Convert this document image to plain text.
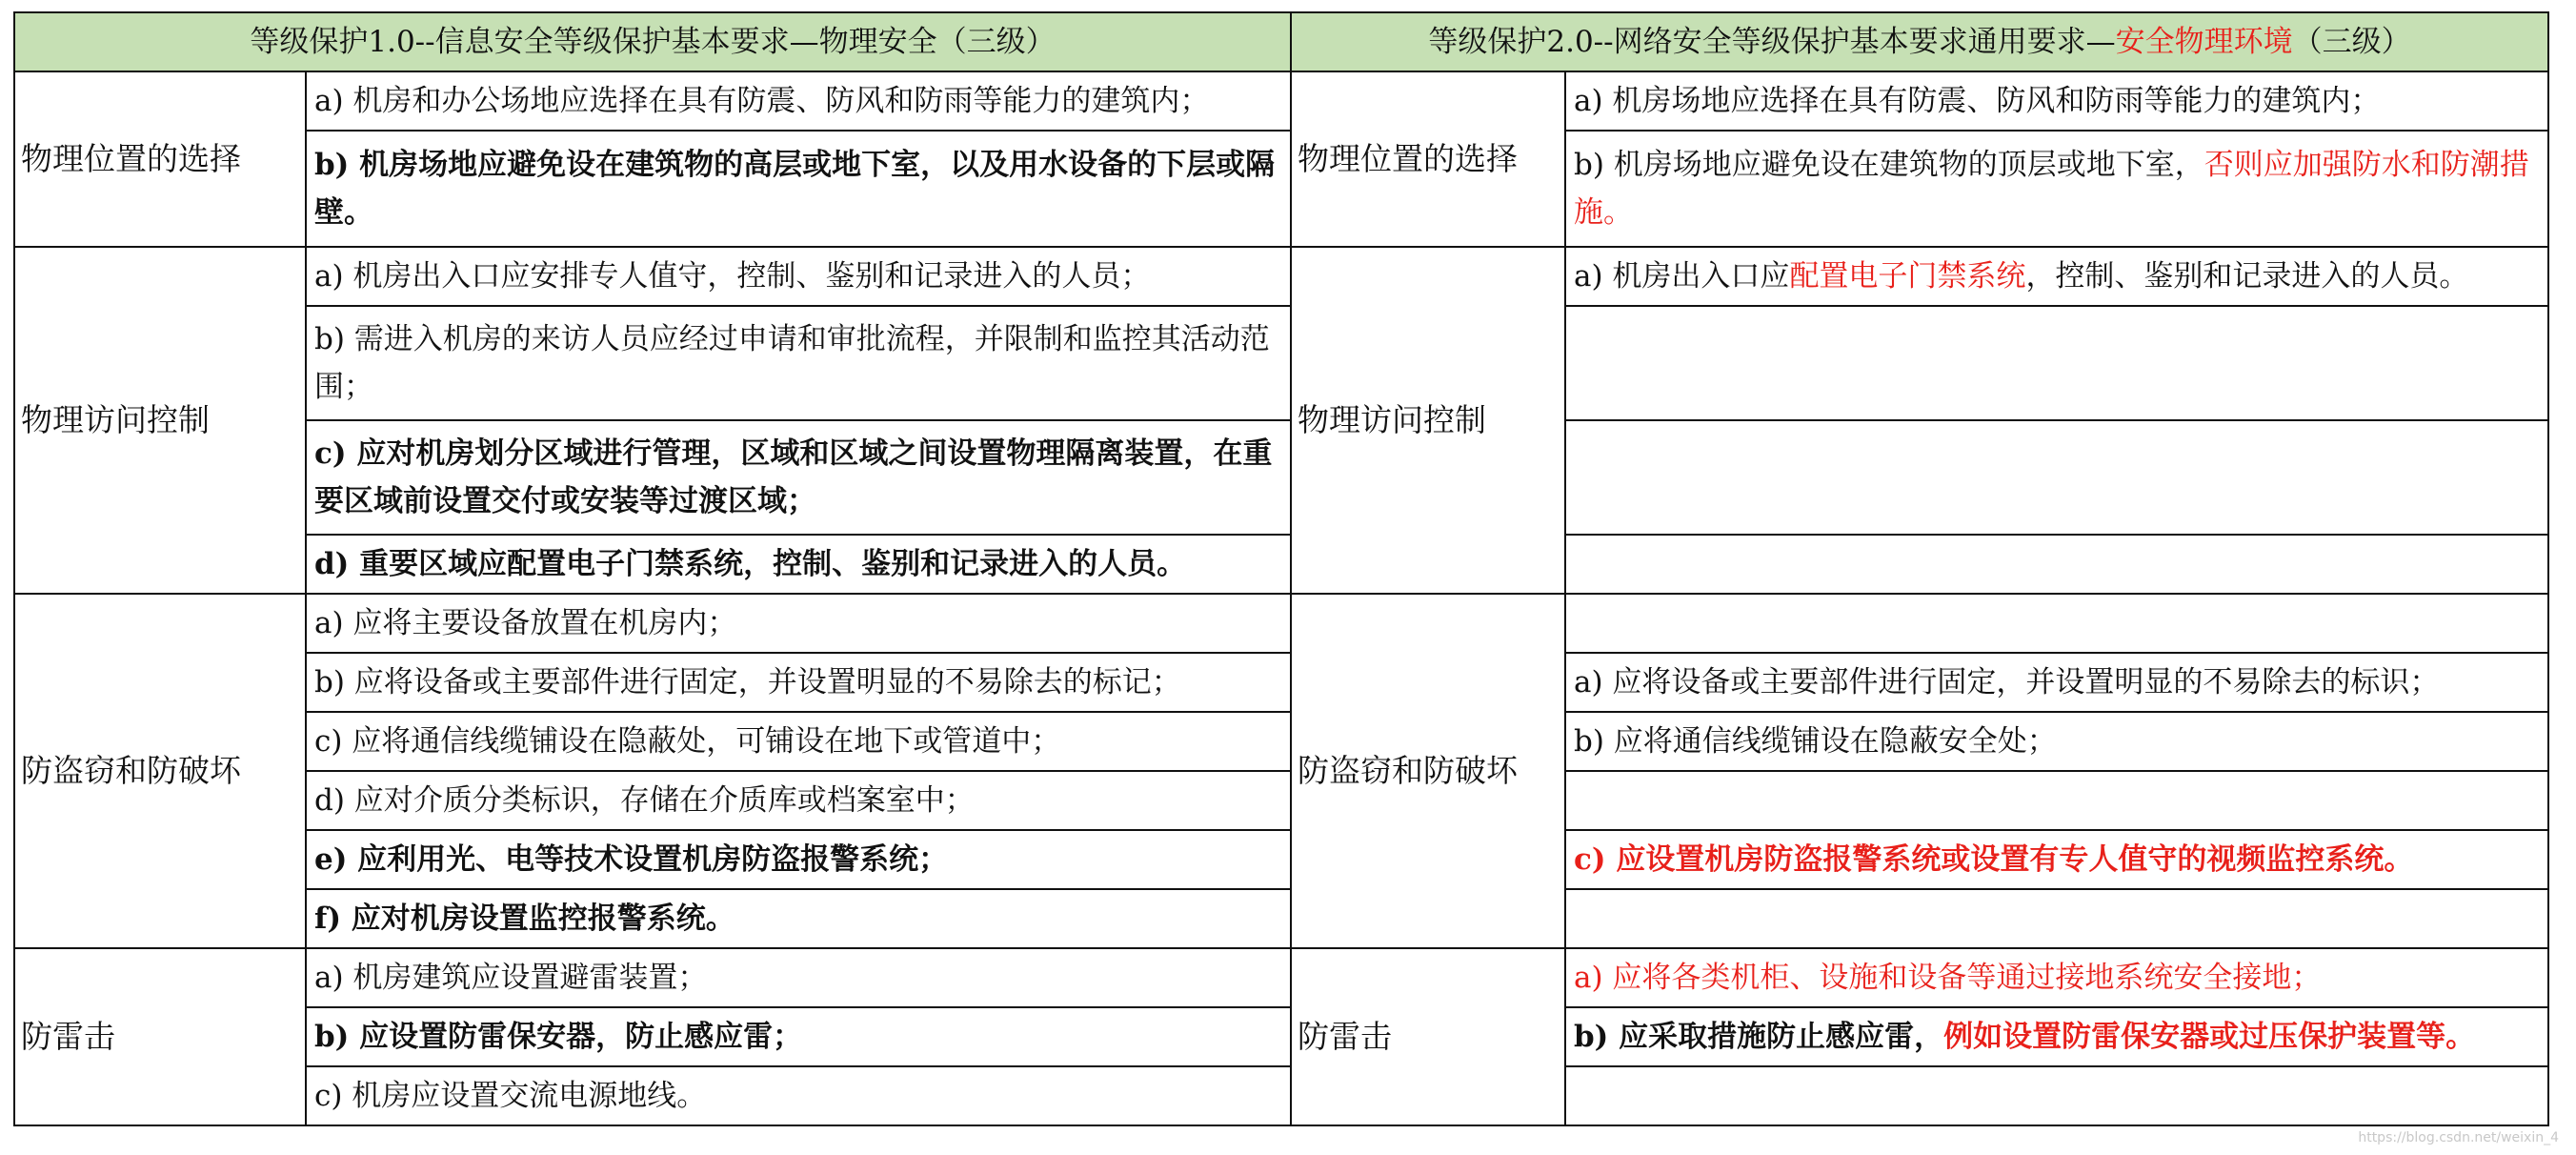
等级保护1.0--信息安全等级保护基本要求—物理安全（三级）		等级保护2.0--网络安全等级保护基本要求通用要求—安全物理环境（三级）	
物理位置的选择	a) 机房和办公场地应选择在具有防震、防风和防雨等能力的建筑内；	物理位置的选择	a) 机房场地应选择在具有防震、防风和防雨等能力的建筑内；
	b) 机房场地应避免设在建筑物的高层或地下室，以及用水设备的下层或隔壁。		b) 机房场地应避免设在建筑物的顶层或地下室，否则应加强防水和防潮措施。
物理访问控制	a) 机房出入口应安排专人值守，控制、鉴别和记录进入的人员；	物理访问控制	a) 机房出入口应配置电子门禁系统，控制、鉴别和记录进入的人员。
	b) 需进入机房的来访人员应经过申请和审批流程，并限制和监控其活动范围；		
	c) 应对机房划分区域进行管理，区域和区域之间设置物理隔离装置，在重要区域前设置交付或安装等过渡区域；		
	d) 重要区域应配置电子门禁系统，控制、鉴别和记录进入的人员。		
防盗窃和防破坏	a) 应将主要设备放置在机房内；	防盗窃和防破坏	
	b) 应将设备或主要部件进行固定，并设置明显的不易除去的标记；		a) 应将设备或主要部件进行固定，并设置明显的不易除去的标识；
	c) 应将通信线缆铺设在隐蔽处，可铺设在地下或管道中；		b) 应将通信线缆铺设在隐蔽安全处；
	d) 应对介质分类标识，存储在介质库或档案室中；		
	e) 应利用光、电等技术设置机房防盗报警系统；		c) 应设置机房防盗报警系统或设置有专人值守的视频监控系统。
	f) 应对机房设置监控报警系统。		
防雷击	a) 机房建筑应设置避雷装置；	防雷击	a) 应将各类机柜、设施和设备等通过接地系统安全接地；
	b) 应设置防雷保安器，防止感应雷；		b) 应采取措施防止感应雷，例如设置防雷保安器或过压保护装置等。
	c) 机房应设置交流电源地线。		
https://blog.csdn.net/weixin_4
